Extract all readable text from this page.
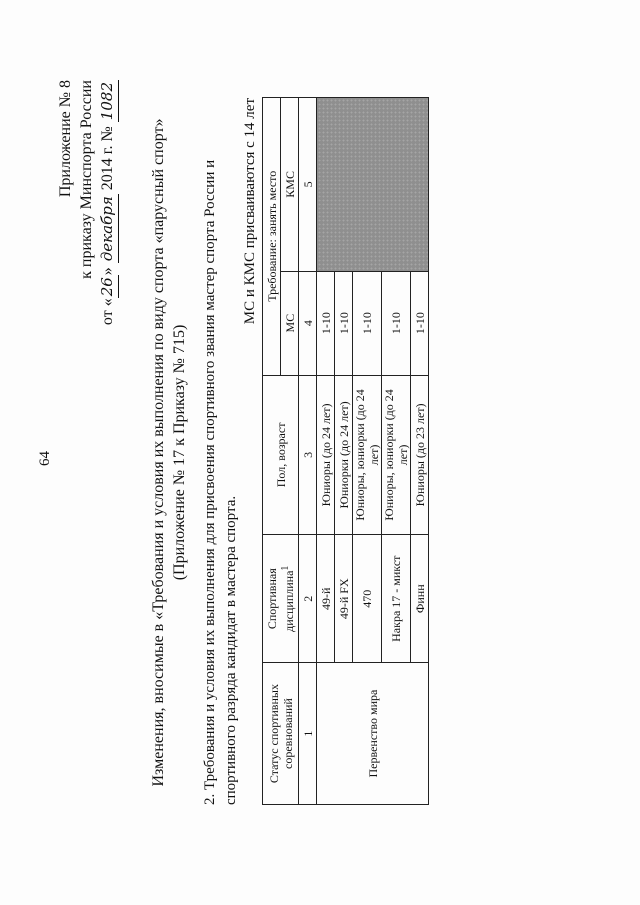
64
Приложение № 8 к приказу Минспорта России
от «26» декабря 2014 г. № 1082
Изменения, вносимые в «Требования и условия их выполнения по виду спорта «парусный спорт» (Приложение № 17 к Приказу № 715) 2. Требования и условия их выполнения для присвоения спортивного звания мастер спорта России и спортивного разряда кандидат в мастера спорта.
МС и КМС присваиваются с 14 лет
Статус спортивных соревнований	Спортивная дисциплина$^1$	Пол, возраст	Требование: занять место	
			МС	КМС
1	2	3	4	5
Первенство мира	49-й	Юниоры (до 24 лет)	1-10	
	49-й FX	Юниорки (до 24 лет)	1-10	
	470	Юниоры, юниорки (до 24 лет)	1-10	
	Накра 17 - микст	Юниоры, юниорки (до 24 лет)	1-10	
	Финн	Юниоры (до 23 лет)	1-10	
